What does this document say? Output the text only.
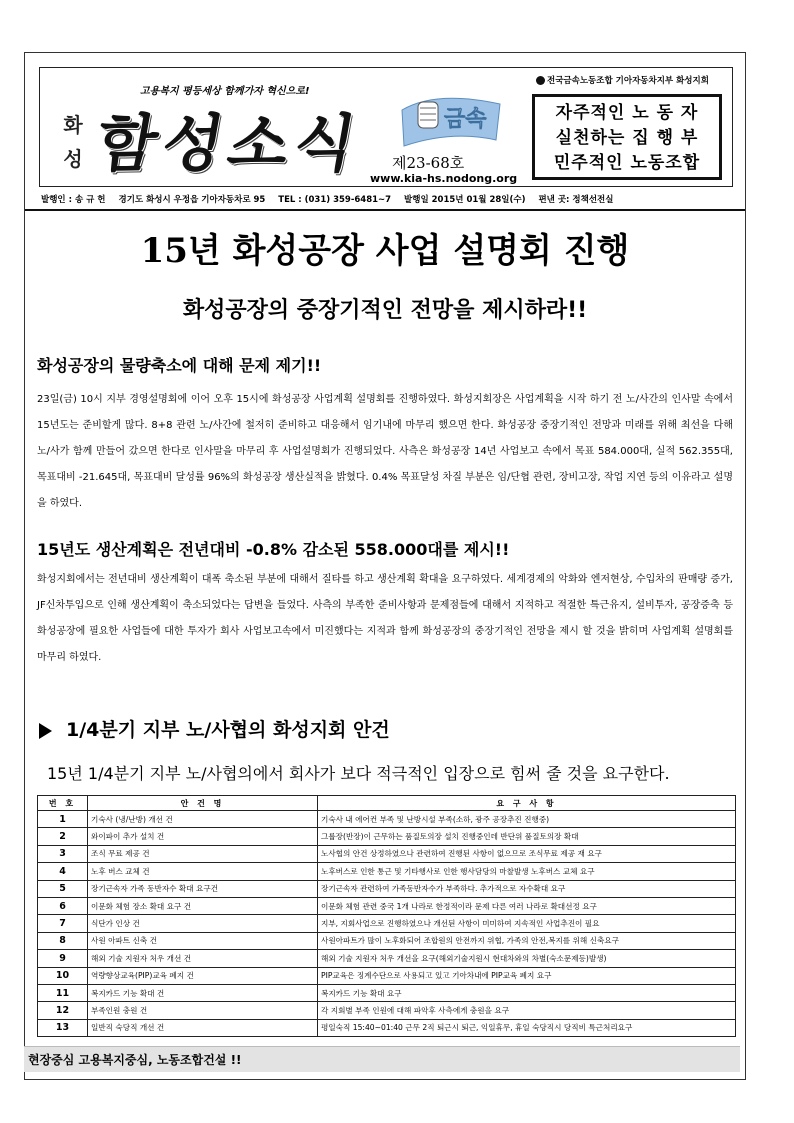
고용복지 평등세상 함께가자 혁신으로!
화
성 함성소식	금속
제23-68호
www.kia-hs.nodong.org
전국금속노동조합 기아자동차지부 화성지회
자주적인 노 동 자
실천하는 집 행 부
민주적인 노동조합
발행인 : 송 규 헌 경기도 화성시 우정읍 기아자동차로 95 TEL : (031) 359-6481~7 발행일 2015년 01월 28일(수) 편낸 곳: 정책선전실
15년 화성공장 사업 설명회 진행
화성공장의 중장기적인 전망을 제시하라!!
화성공장의 물량축소에 대해 문제 제기!!
23일(금) 10시 지부 경영설명회에 이어 오후 15시에 화성공장 사업계획 설명회를 진행하였다. 화성지회장은 사업계획을 시작 하기 전 노/사간의 인사말 속에서 15년도는 준비할게 많다. 8+8 관련 노/사간에 철저히 준비하고 대응해서 임기내에 마무리 했으면 한다. 화성공장 중장기적인 전망과 미래를 위해 최선을 다해 노/사가 함께 만들어 갔으면 한다로 인사말을 마무리 후 사업설명회가 진행되었다. 사측은 화성공장 14년 사업보고 속에서 목표 584.000대, 실적 562.355대, 목표대비 -21.645대, 목표대비 달성률 96%의 화성공장 생산실적을 밝혔다. 0.4% 목표달성 차질 부분은 임/단협 관련, 장비고장, 작업 지연 등의 이유라고 설명을 하였다.
15년도 생산계획은 전년대비 -0.8% 감소된 558.000대를 제시!!
화성지회에서는 전년대비 생산계획이 대폭 축소된 부분에 대해서 질타를 하고 생산계획 확대을 요구하였다. 세계경제의 악화와 엔저현상, 수입차의 판매량 증가, JF신차투입으로 인해 생산계획이 축소되었다는 답변을 들었다. 사측의 부족한 준비사항과 문제점들에 대해서 지적하고 적절한 특근유지, 설비투자, 공장증축 등 화성공장에 필요한 사업들에 대한 투자가 회사 사업보고속에서 미진했다는 지적과 함께 화성공장의 중장기적인 전망을 제시 할 것을 밝히며 사업계획 설명회를 마무리 하였다.
1/4분기 지부 노/사협의 화성지회 안건
15년 1/4분기 지부 노/사협의에서 회사가 보다 적극적인 입장으로 힘써 줄 것을 요구한다.
번 호	안 건 명	요 구 사 항
1	기숙사 (냉/난방) 개선 건	기숙사 내 에어컨 부족 및 난방시설 부족(소하, 광주 공장추진 진행중)
2	와이파이 추가 설치 건	그룹장(반장)이 근무하는 품질토의장 설치 진행중인데 반단위 품질토의장 확대
3	조식 무료 제공 건	노사협의 안건 상정하였으나 관련하여 진행된 사항이 없으므로 조식무료 제공 재 요구
4	노후 버스 교체 건	노후버스로 인한 통근 및 기타행사로 인한 행사담당의 마찰발생 노후버스 교체 요구
5	장기근속자 가족 동반자수 확대 요구건	장기근속자 관련하여 가족동반자수가 부족하다. 추가적으로 자수확대 요구
6	이문화 체험 장소 확대 요구 건	이문화 체험 관련 중국 1개 나라로 한정적이라 문제 다른 여러 나라로 확대선정 요구
7	식단가 인상 건	지부, 지회사업으로 진행하였으나 개선된 사항이 미미하여 지속적인 사업추진이 필요
8	사원 아파트 신축 건	사원아파트가 많이 노후화되어 조합원의 안전까지 위협, 가족의 안전,복지를 위해 신축요구
9	해외 기술 지원자 처우 개선 건	해외 기술 지원자 처우 개선을 요구(해외기술지원시 현대차와의 차별(숙소문제등)발생)
10	역량향상교육(PIP)교육 폐지 건	PIP교육은 징계수단으로 사용되고 있고 기아차내에 PIP교육 폐지 요구
11	복지카드 기능 확대 건	복지카드 기능 확대 요구
12	부족인원 충원 건	각 지회별 부족 인원에 대해 파악후 사측에게 충원을 요구
13	일반직 숙당직 개선 건	평일숙직 15:40~01:40 근무 2직 퇴근시 퇴근, 익일휴무, 휴일 숙당직시 당직비 특근처리요구
현장중심 고용복지중심, 노동조합건설 !!
